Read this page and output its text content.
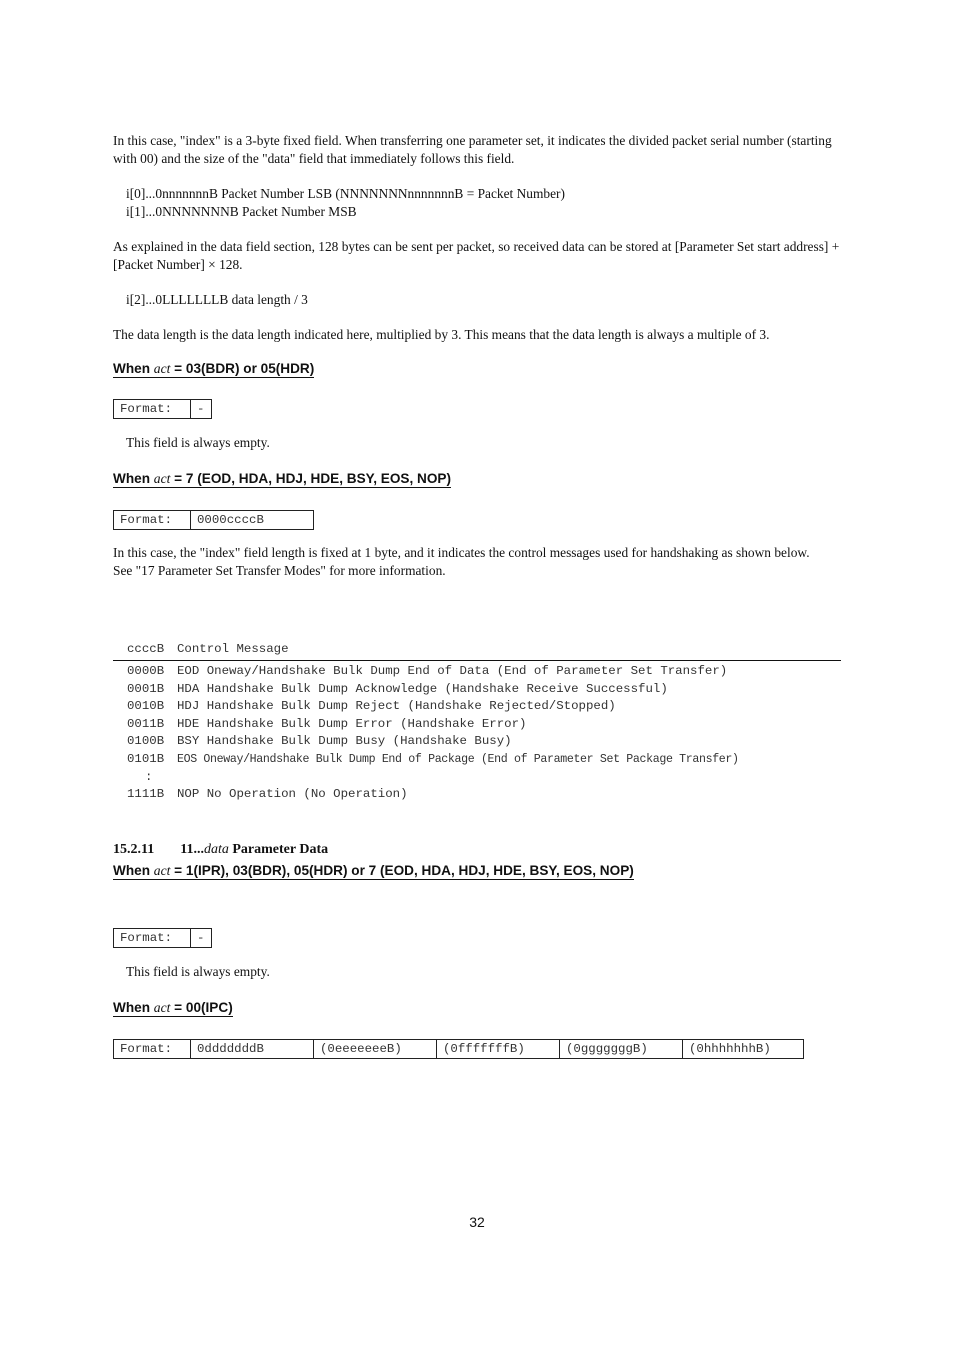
In this case, "index" is a 3-byte fixed field. When transferring one parameter set, it indicates the divided packet serial number (starting with 00) and the size of the "data" field that immediately follows this field.

i[0]...0nnnnnnnB Packet Number LSB (NNNNNNNnnnnnnnB = Packet Number)

i[1]...0NNNNNNNB Packet Number MSB

As explained in the data field section, 128 bytes can be sent per packet, so received data can be stored at [Parameter Set start address] + [Packet Number] × 128.

i[2]...0LLLLLLLB data length / 3

The data length is the data length indicated here, multiplied by 3. This means that the data length is always a multiple of 3.

When act = 03(BDR) or 05(HDR)
Format:	-

This field is always empty.

When act = 7 (EOD, HDA, HDJ, HDE, BSY, EOS, NOP)
Format:	0000ccccB

In this case, the "index" field length is fixed at 1 byte, and it indicates the control messages used for handshaking as shown below. See "17 Parameter Set Transfer Modes" for more information.

ccccB	Control Message
0000B	EOD Oneway/Handshake Bulk Dump End of Data (End of Parameter Set Transfer)
0001B	HDA Handshake Bulk Dump Acknowledge (Handshake Receive Successful)
0010B	HDJ Handshake Bulk Dump Reject (Handshake Rejected/Stopped)
0011B	HDE Handshake Bulk Dump Error (Handshake Error)
0100B	BSY Handshake Bulk Dump Busy (Handshake Busy)
0101B	EOS Oneway/Handshake Bulk Dump End of Package (End of Parameter Set Package Transfer)
:
1111B	NOP No Operation (No Operation)

15.2.11 11...data Parameter Data

When act = 1(IPR), 03(BDR), 05(HDR) or 7 (EOD, HDA, HDJ, HDE, BSY, EOS, NOP)
Format:	-

This field is always empty.

When act = 00(IPC)
Format:	0dddddddB	(0eeeeeeeB)	(0fffffffB)	(0gggggggB)	(0hhhhhhhB)
32
